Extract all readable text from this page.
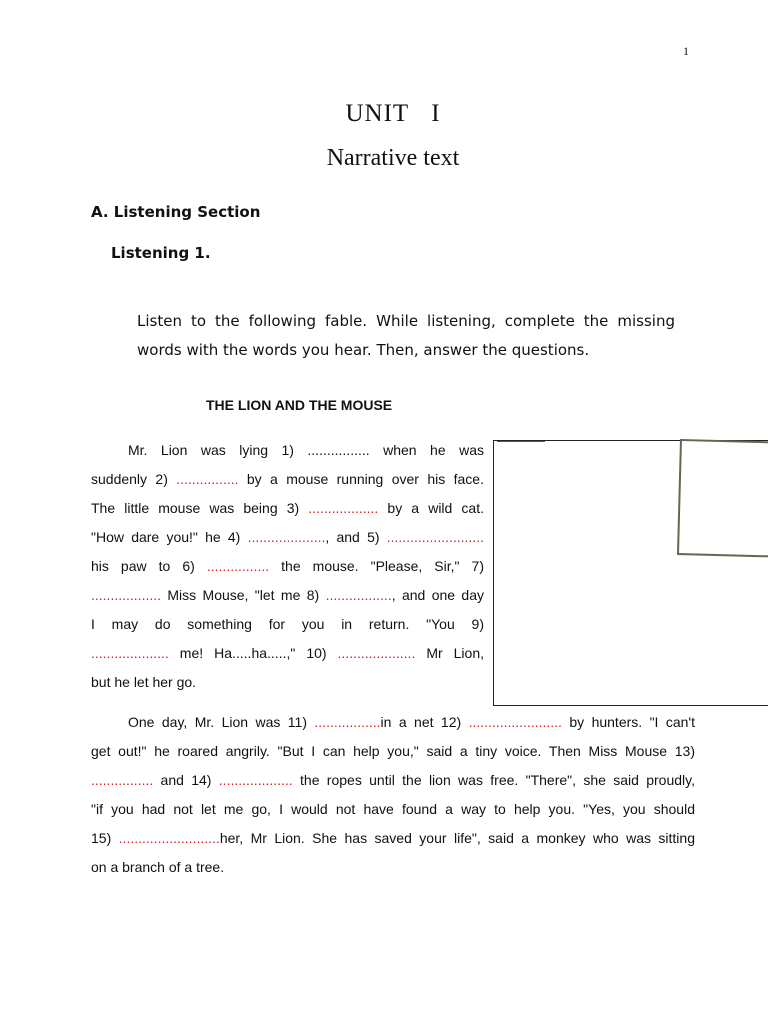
1
UNIT I
Narrative text
A. Listening Section
Listening 1.
Listen to the following fable. While listening, complete the missing words with the words you hear. Then, answer the questions.
THE LION AND THE MOUSE
Mr. Lion was lying 1) ................ when he was
suddenly 2) ................ by a mouse running over his face.
The little mouse was being 3) .................. by a wild cat.
"How dare you!" he 4) ...................., and 5) .........................
his paw to 6) ................ the mouse. "Please, Sir," 7)
.................. Miss Mouse, "let me 8) ................., and one day
I may do something for you in return. "You 9)
.................... me! Ha.....ha.....," 10) .................... Mr Lion,
but he let her go.
One day, Mr. Lion was 11) .................in a net 12) ........................ by hunters. "I can't
get out!" he roared angrily. "But I can help you," said a tiny voice. Then Miss Mouse 13)
................ and 14) ................... the ropes until the lion was free. "There", she said proudly,
"if you had not let me go, I would not have found a way to help you. "Yes, you should
15) ..........................her, Mr Lion. She has saved your life", said a monkey who was sitting
on a branch of a tree.
